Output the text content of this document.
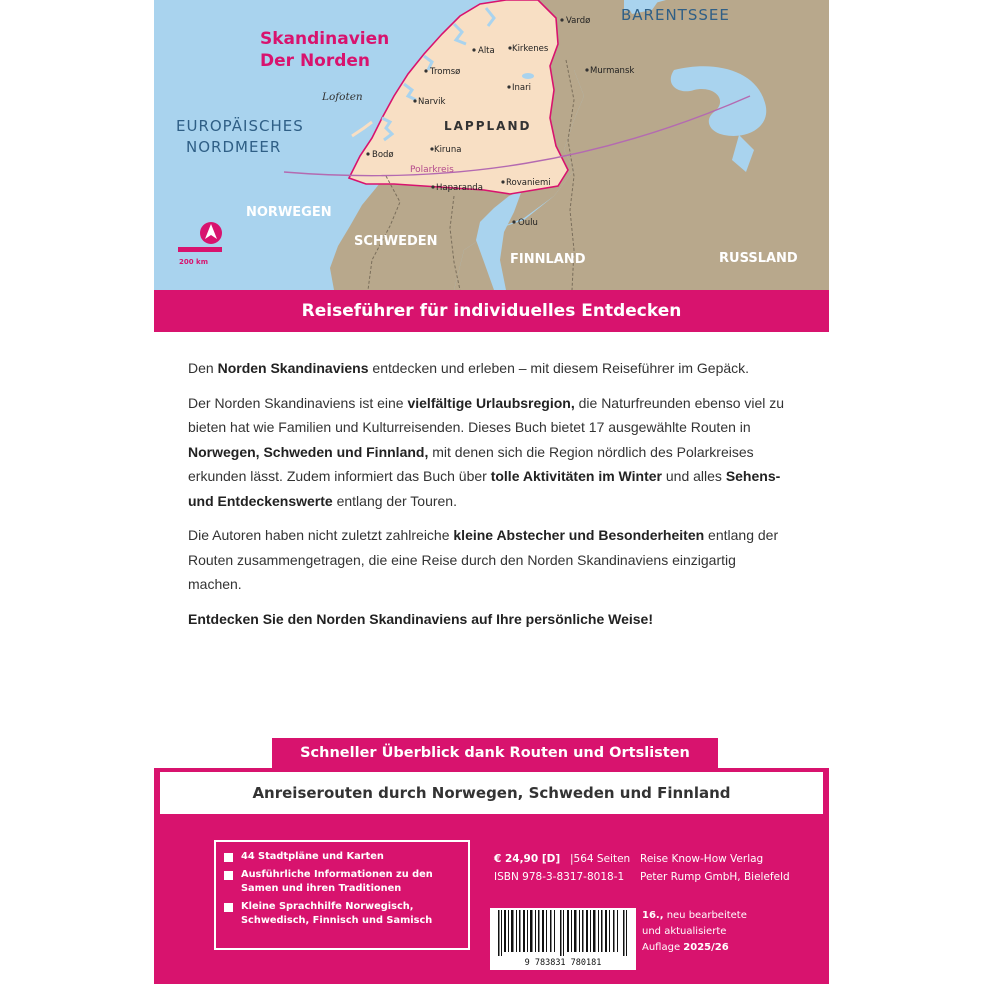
Skandinavien
Der Norden
BARENTSSEE
EUROPÄISCHES
NORDMEER
NORWEGEN
SCHWEDEN
FINNLAND	RUSSLAND
LAPPLAND
Lofoten
Polarkreis
Vardø
Alta Kirkenes
Tromsø	Murmansk
Inari
Narvik
Kiruna
Bodø
Rovaniemi
Haparanda
Oulu
200 km
Reiseführer für individuelles Entdecken

Den Norden Skandinaviens entdecken und erleben – mit diesem Reiseführer im Gepäck.

Der Norden Skandinaviens ist eine vielfältige Urlaubsregion, die Naturfreunden ebenso viel zu bieten hat wie Familien und Kulturreisenden. Dieses Buch bietet 17 ausgewählte Routen in Norwegen, Schweden und Finnland, mit denen sich die Region nördlich des Polarkreises erkunden lässt. Zudem informiert das Buch über tolle Aktivitäten im Winter und alles Sehens- und Entdeckenswerte entlang der Touren.

Die Autoren haben nicht zuletzt zahlreiche kleine Abstecher und Besonderheiten entlang der Routen zusammengetragen, die eine Reise durch den Norden Skandinaviens einzigartig machen.

Entdecken Sie den Norden Skandinaviens auf Ihre persönliche Weise!

Schneller Überblick dank Routen und Ortslisten
Anreiserouten durch Norwegen, Schweden und Finnland
44 Stadtpläne und Karten
Ausführliche Informationen zu den Samen und ihren Traditionen
Kleine Sprachhilfe Norwegisch, Schwedisch, Finnisch und Samisch
€ 24,90 [D] |564 Seiten Reise Know-How Verlag
ISBN 978-3-8317-8018-1	Peter Rump GmbH, Bielefeld
9 783831 780181
16., neu bearbeitete
und aktualisierte
Auflage 2025/26
